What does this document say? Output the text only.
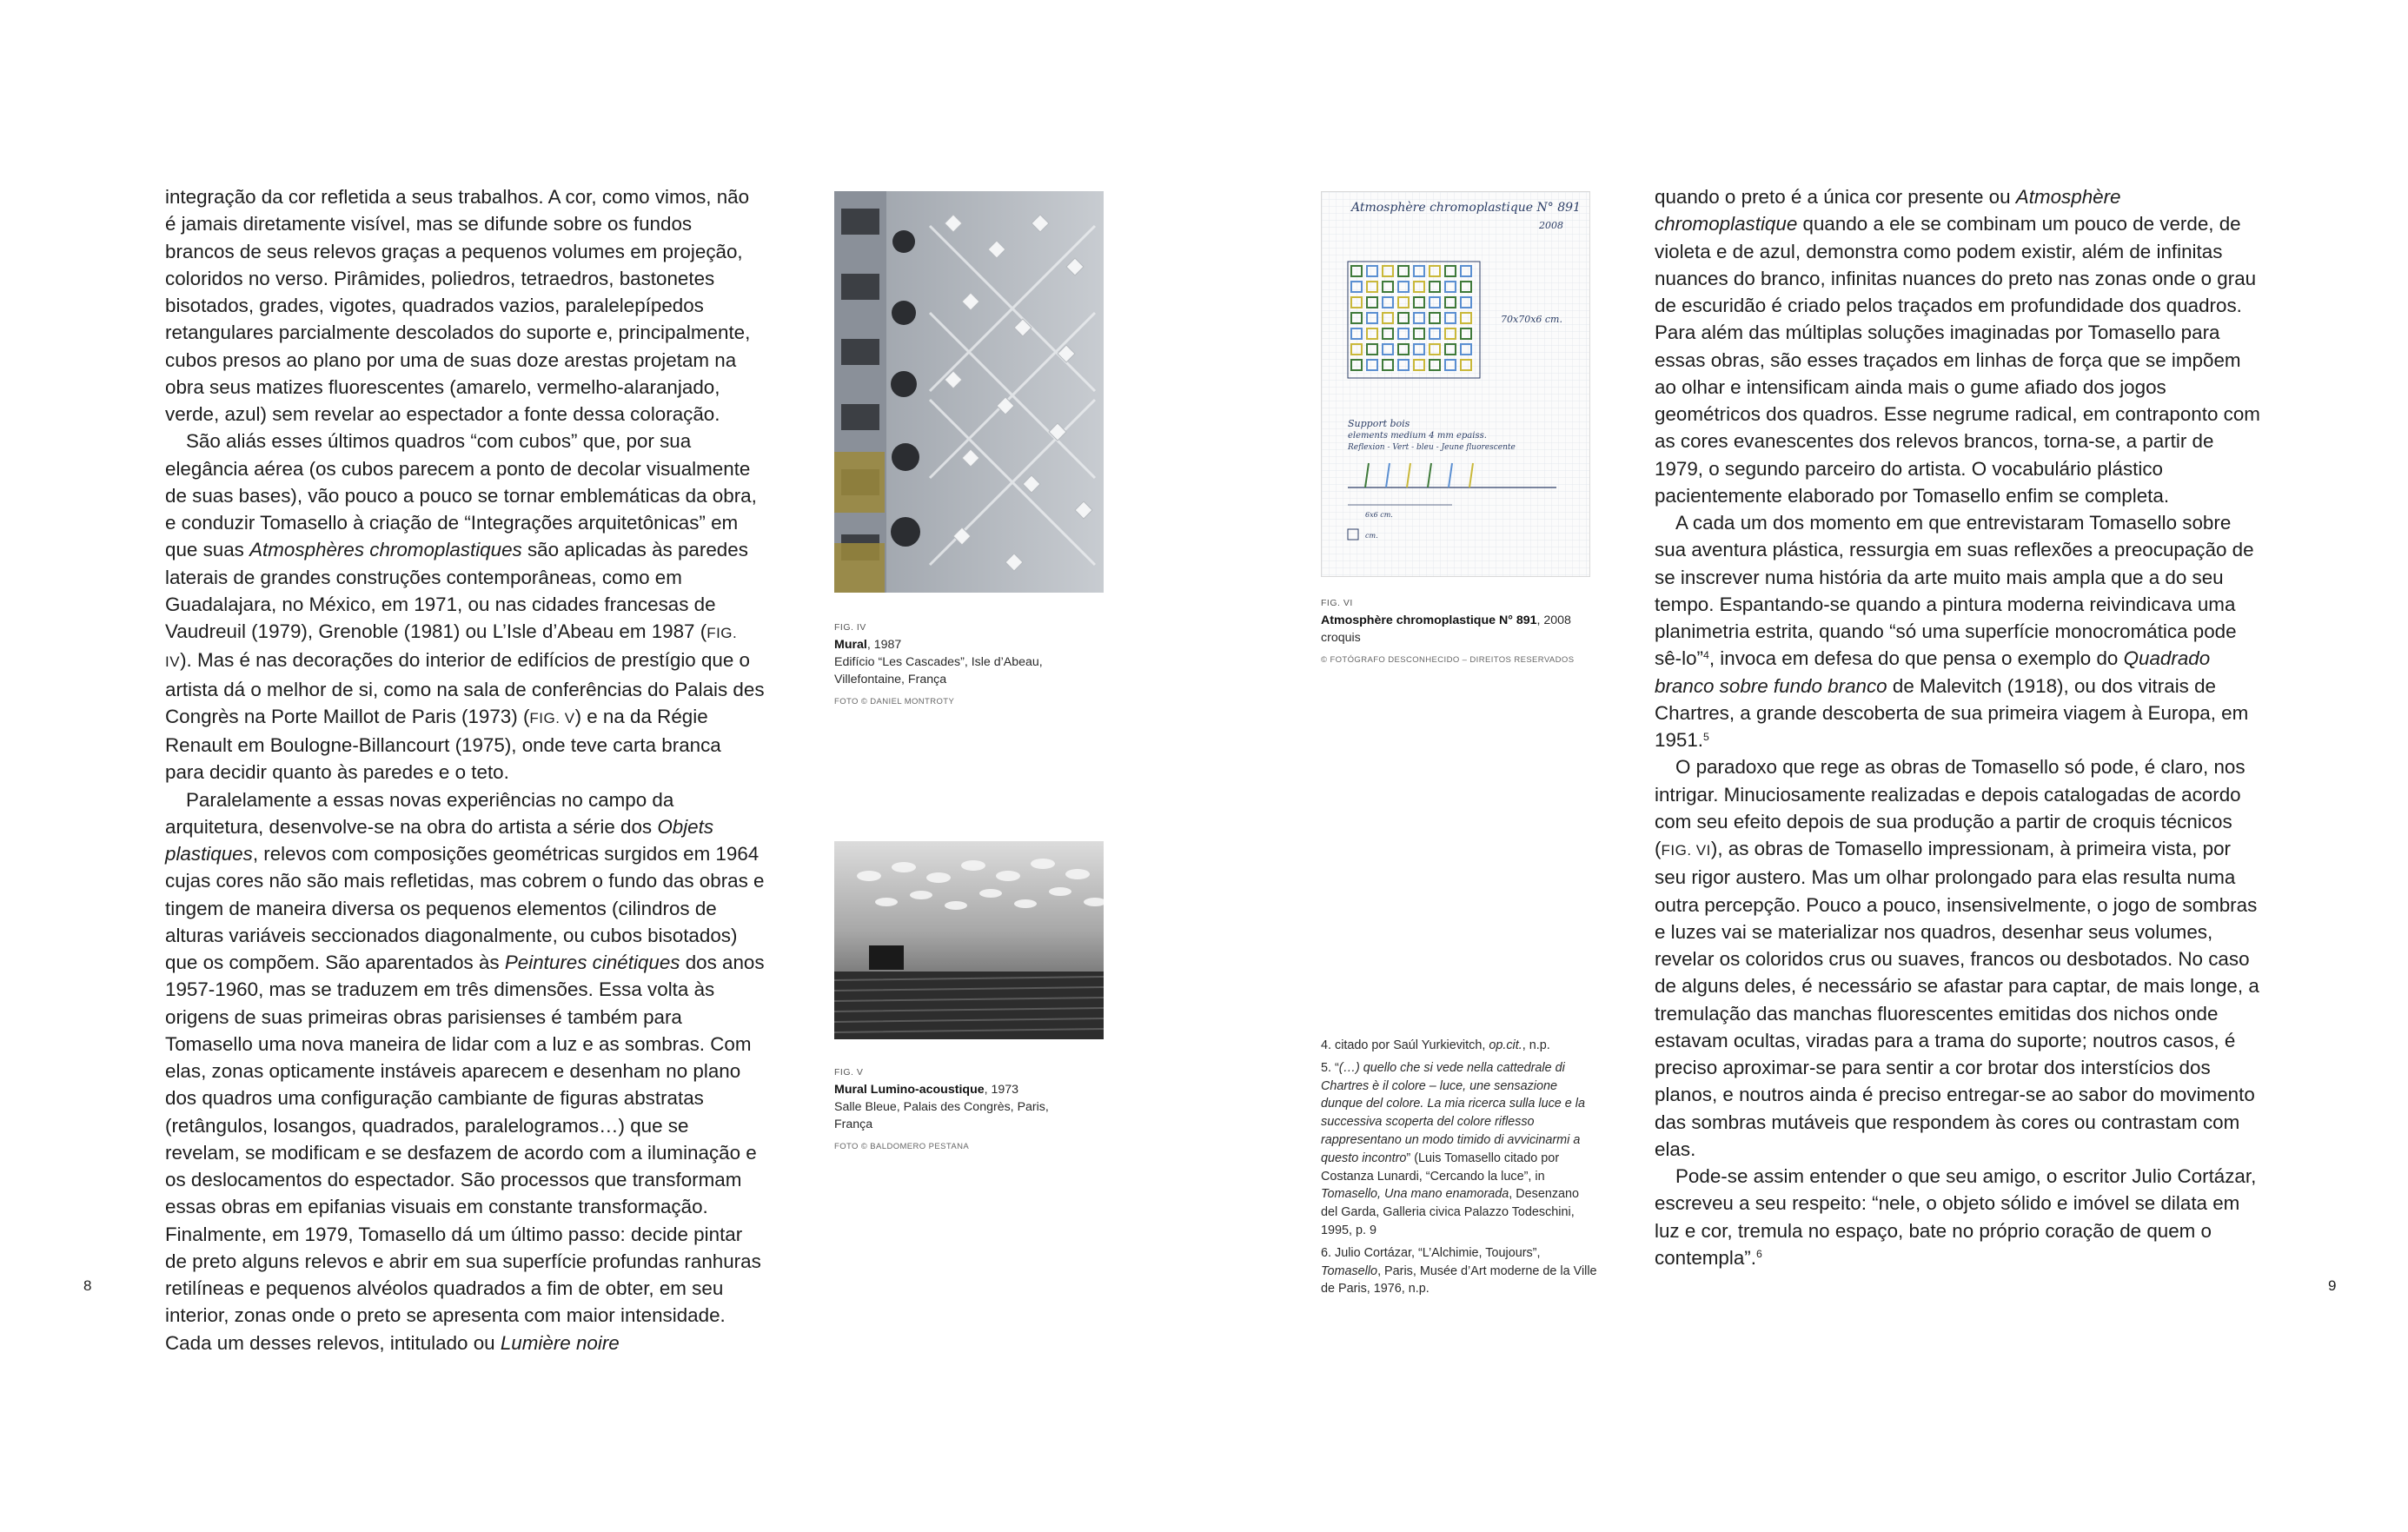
integração da cor refletida a seus trabalhos. A cor, como vimos, não é jamais diretamente visível, mas se difunde sobre os fundos brancos de seus relevos graças a pequenos volumes em projeção, coloridos no verso. Pirâmides, poliedros, tetraedros, bastonetes bisotados, grades, vigotes, quadrados vazios, paralelepípedos retangulares parcialmente descolados do suporte e, principalmente, cubos presos ao plano por uma de suas doze arestas projetam na obra seus matizes fluorescentes (amarelo, vermelho-alaranjado, verde, azul) sem revelar ao espectador a fonte dessa coloração.

São aliás esses últimos quadros “com cubos” que, por sua elegância aérea (os cubos parecem a ponto de decolar visualmente de suas bases), vão pouco a pouco se tornar emblemáticas da obra, e conduzir Tomasello à criação de “Integrações arquitetônicas” em que suas Atmosphères chromoplastiques são aplicadas às paredes laterais de grandes construções contemporâneas, como em Guadalajara, no México, em 1971, ou nas cidades francesas de Vaudreuil (1979), Grenoble (1981) ou L’Isle d’Abeau em 1987 (FIG. IV). Mas é nas decorações do interior de edifícios de prestígio que o artista dá o melhor de si, como na sala de conferências do Palais des Congrès na Porte Maillot de Paris (1973) (FIG. V) e na da Régie Renault em Boulogne-Billancourt (1975), onde teve carta branca para decidir quanto às paredes e o teto.

Paralelamente a essas novas experiências no campo da arquitetura, desenvolve-se na obra do artista a série dos Objets plastiques, relevos com composições geométricas surgidos em 1964 cujas cores não são mais refletidas, mas cobrem o fundo das obras e tingem de maneira diversa os pequenos elementos (cilindros de alturas variáveis seccionados diagonalmente, ou cubos bisotados) que os compõem. São aparentados às Peintures cinétiques dos anos 1957-1960, mas se traduzem em três dimensões. Essa volta às origens de suas primeiras obras parisienses é também para Tomasello uma nova maneira de lidar com a luz e as sombras. Com elas, zonas opticamente instáveis aparecem e desenham no plano dos quadros uma configuração cambiante de figuras abstratas (retângulos, losangos, quadrados, paralelogramos…) que se revelam, se modificam e se desfazem de acordo com a iluminação e os deslocamentos do espectador. São processos que transformam essas obras em epifanias visuais em constante transformação. Finalmente, em 1979, Tomasello dá um último passo: decide pintar de preto alguns relevos e abrir em sua superfície profundas ranhuras retilíneas e pequenos alvéolos quadrados a fim de obter, em seu interior, zonas onde o preto se apresenta com maior intensidade. Cada um desses relevos, intitulado ou Lumière noire

FIG. IV
Mural, 1987
Edifício “Les Cascades”, Isle d’Abeau,
Villefontaine, França
FOTO © DANIEL MONTROTY
FIG. V
Mural Lumino-acoustique, 1973
Salle Bleue, Palais des Congrès, Paris,
França
FOTO © BALDOMERO PESTANA
8
Atmosphère chromoplastique N° 891
2008
70x70x6 cm.
Support bois
elements medium 4 mm epaiss.
Reflexion - Vert - bleu - Jeune fluorescente
6x6 cm.
cm.
FIG. VI
Atmosphère chromoplastique N° 891, 2008
croquis
© FOTÓGRAFO DESCONHECIDO – DIREITOS RESERVADOS

4. citado por Saúl Yurkievitch, op.cit., n.p.

5. “(…) quello che si vede nella cattedrale di Chartres è il colore – luce, une sensazione dunque del colore. La mia ricerca sulla luce e la successiva scoperta del colore riflesso rappresentano un modo timido di avvicinarmi a questo incontro” (Luis Tomasello citado por Costanza Lunardi, “Cercando la luce”, in Tomasello, Una mano enamorada, Desenzano del Garda, Galleria civica Palazzo Todeschini, 1995, p. 9

6. Julio Cortázar, “L’Alchimie, Toujours”, Tomasello, Paris, Musée d’Art moderne de la Ville de Paris, 1976, n.p.

quando o preto é a única cor presente ou Atmosphère chromoplastique quando a ele se combinam um pouco de verde, de violeta e de azul, demonstra como podem existir, além de infinitas nuances do branco, infinitas nuances do preto nas zonas onde o grau de escuridão é criado pelos traçados em profundidade dos quadros. Para além das múltiplas soluções imaginadas por Tomasello para essas obras, são esses traçados em linhas de força que se impõem ao olhar e intensificam ainda mais o gume afiado dos jogos geométricos dos quadros. Esse negrume radical, em contraponto com as cores evanescentes dos relevos brancos, torna-se, a partir de 1979, o segundo parceiro do artista. O vocabulário plástico pacientemente elaborado por Tomasello enfim se completa.

A cada um dos momento em que entrevistaram Tomasello sobre sua aventura plástica, ressurgia em suas reflexões a preocupação de se inscrever numa história da arte muito mais ampla que a do seu tempo. Espantando-se quando a pintura moderna reivindicava uma planimetria estrita, quando “só uma superfície monocromática pode sê-lo”$^4$, invoca em defesa do que pensa o exemplo do Quadrado branco sobre fundo branco de Malevitch (1918), ou dos vitrais de Chartres, a grande descoberta de sua primeira viagem à Europa, em 1951.$^5$

O paradoxo que rege as obras de Tomasello só pode, é claro, nos intrigar. Minuciosamente realizadas e depois catalogadas de acordo com seu efeito depois de sua produção a partir de croquis técnicos (FIG. VI), as obras de Tomasello impressionam, à primeira vista, por seu rigor austero. Mas um olhar prolongado para elas resulta numa outra percepção. Pouco a pouco, insensivelmente, o jogo de sombras e luzes vai se materializar nos quadros, desenhar seus volumes, revelar os coloridos crus ou suaves, francos ou desbotados. No caso de alguns deles, é necessário se afastar para captar, de mais longe, a tremulação das manchas fluorescentes emitidas dos nichos onde estavam ocultas, viradas para a trama do suporte; noutros casos, é preciso aproximar-se para sentir a cor brotar dos interstícios dos planos, e noutros ainda é preciso entregar-se ao sabor do movimento das sombras mutáveis que respondem às cores ou contrastam com elas.

Pode-se assim entender o que seu amigo, o escritor Julio Cortázar, escreveu a seu respeito: “nele, o objeto sólido e imóvel se dilata em luz e cor, tremula no espaço, bate no próprio coração de quem o contempla”.$^6$

9
